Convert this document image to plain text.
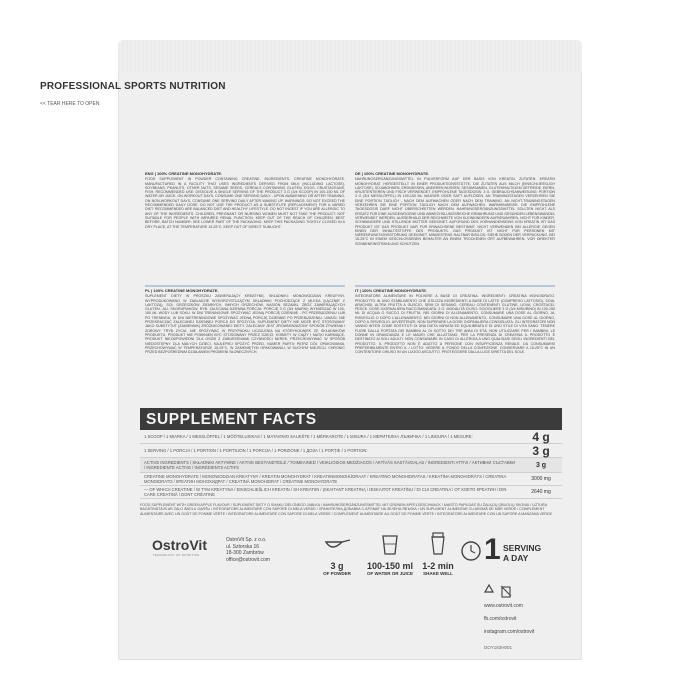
PROFESSIONAL SPORTS NUTRITION
<< TEAR HERE TO OPEN
ENG | 100% CREATINE MONOHYDRATE.
FOOD SUPPLEMENT IN POWDER CONTAINING CREATINE. INGREDIENTS: CREATINE MONOHYDRATE. MANUFACTURED IN A FACILITY THAT USES INGREDIENTS DERIVED FROM MILK (INCLUDING LACTOSE), SOYBEANS, PEANUTS, OTHER NUTS, SESAME SEEDS, CEREALS CONTAINING GLUTEN, EGGS, CRUSTACEANS, FISH. RECOMMENDED USE: DISSOLVE A SINGLE SERVING OF THE PRODUCT 3 G (3/4 SCOOP) IN 100-150 ML OF WATER OR JUICE. ON WORKOUT DAYS, CONSUME ONE SERVING DAILY - UPON AWAKENING OR AFTER TRAINING. ON NON-WORKOUT DAYS, CONSUME ONE SERVING DAILY AFTER WAKING UP. WARNINGS: DO NOT EXCEED THE RECOMMENDED DAILY DOSE. DO NOT USE THE PRODUCT AS A SUBSTITUTE (REPLACEMENT) FOR A VARIED DIET. RECOMMENDED ARE BALANCED DIET AND HEALTHY LIFESTYLE. DO NOT INGEST IF YOU ARE ALLERGIC TO ANY OF THE INGREDIENTS. CHILDREN, PREGNANT OR NURSING WOMEN MUST NOT TAKE THE PRODUCT. NOT SUITABLE FOR PEOPLE WITH IMPAIRED RENAL FUNCTION. KEEP OUT OF THE REACH OF CHILDREN. BEST BEFORE, BATCH NUMBER: SEE LOWER PART OF THE PACKAGING. KEEP THIS PACKAGING TIGHTLY CLOSED IN A DRY PLACE, AT THE TEMPERATURE 15-25°C. KEEP OUT OF DIRECT SUNLIGHT.
DE | 100% CREATINE MONOHYDRATE.
NAHRUNGSERGÄNZUNGSMITTEL IN PULVERFORM AUF DER BASIS VON KREATIN. ZUTATEN: KREATIN MONOHYDRAT. HERGESTELLT IN EINER PRODUKTIONSSTÄTTE, DIE ZUTATEN AUS MILCH (EINSCHLIESSLICH LAKTOSE), SOJABOHNEN, ERDNÜSSEN, ANDEREN NÜSSEN, SESAMSAMEN, GLUTENHALTIGEM GETREIDE, EIERN, KRUSTENTIEREN UND FISCH VERWENDET. EMPFOHLENE TAGESDOSIS: 3 G. GEBRAUCHSANWEISUNG: PORTION 3 G (3/4 MESSLÖFFEL) IN 100-150 ML WASSER ODER SAFT AUFLÖSEN. AN TRAININGSTAGEN VERZEHREN SIE EINE PORTION TÄGLICH - NACH DEM AUFWACHEN ODER NACH DEM TRAINING. AN NICHT-TRAININGSTAGEN VERZEHREN SIE EINE PORTION TÄGLICH NACH DEM AUFWACHEN. WARNHINWEISE: DIE EMPFOHLENE TAGESDOSIS DARF NICHT ÜBERSCHRITTEN WERDEN. NAHRUNGSERGÄNZUNGSMITTEL SOLLTEN NICHT ALS ERSATZ FÜR EINE AUSGEWOGENE UND ABWECHSLUNGSREICHE ERNÄHRUNG UND GESUNDEN LEBENSWANDEL VERWENDET WERDEN. AUSSERHALB DER REICHWEITE VON KLEINKINDERN AUFBEWAHREN. NICHT FÜR KINDER, SCHWANGERE UND STILLENDE MÜTTER GEEIGNET. AUFGRUND DES VORHANDENSEINS VON KREATIN IST DAS PRODUKT IST DAS PRODUKT NUR FÜR ERWACHSENE BESTIMMT. NICHT VERWENDEN BEI ALLERGIE GEGEN EINEN DER INHALTSSTOFFE DES PRODUKTS. DAS PRODUKT IST NICHT FÜR PERSONEN MIT NIERENFUNKTIONSSTÖRUNG GEEIGNET. MINDESTENS HALTBAR BIS/LOS: SIEHE BODEN DER VERPACKUNG. BEI 15-25°C IN EINEM GESCHLOSSENEN BEHÄLTER AN EINEM TROCKENEN ORT AUFBEWAHREN. VOR DIREKTER SONNENEINSTRAHLUNG SCHÜTZEN.
PL | 100% CREATINE MONOHYDRATE.
SUPLEMENT DIETY W PROSZKU ZAWIERAJĄCY KREATYNĘ. SKŁADNIKI: MONOWODZIAN KREATYNY. WYPRODUKOWANO W ZAKŁADZIE WYKORZYSTUJĄCYM SKŁADNIKI POCHODZĄCE Z MLEKA (ŁĄCZNIE Z LAKTOZĄ), SOI, ORZESZKÓW ZIEMNYCH, INNYCH ORZECHÓW, NASION SEZAMU, ZBÓŻ ZAWIERAJĄCYCH GLUTEN, JAJ, SKORUPIAKÓW, RYB. ZALECANA DZIENNA PORCJA: PORCJĘ 3 G (3/4 MIARKI) WYMIESZAĆ W 100-150 ML WODY LUB SOKU. W DNI TRENINGOWE SPOŻYWAĆ JEDNĄ PORCJĘ DZIENNIE - PO PRZEBUDZENIU LUB PO TRENINGU. W DNI NIETRENINGOWE SPOŻYWAĆ JEDNĄ PORCJĘ DZIENNIE PO PRZEBUDZENIU. UWAGI: NIE PRZEKRACZAĆ ZALECANEJ DZIENNEJ PORCJI DO SPOŻYCIA. SUPLEMENT DIETY NIE MOŻE BYĆ STOSOWANY JAKO SUBSTYTUT (ZAMIENNIK) ZRÓŻNICOWANEJ DIETY. ZALECANY JEST ZRÓWNOWAŻONY SPOSÓB ŻYWIENIA I ZDROWY TRYB ŻYCIA. NIE SPOŻYWAĆ W PRZYPADKU UCZULENIA NA KTÓRYKOLWIEK ZE SKŁADNIKÓW PRODUKTU. PRODUKT NIE POWINIEN BYĆ STOSOWANY PRZEZ DZIECI, KOBIETY W CIĄŻY I MATKI KARMIĄCE. PRODUKT NIEODPOWIEDNI DLA OSÓB Z ZABURZENIAMI CZYNNOŚCI NEREK. PRZECHOWYWAĆ W SPOSÓB NIEDOSTĘPNY DLA MAŁYCH DZIECI. NAJLEPIEJ SPOŻYĆ PRZED, NUMER PARTII: PATRZ DÓŁ OPAKOWANIA. PRZECHOWYWAĆ W TEMPERATURZE 15-25°C, W ZAMKNIĘTYM OPAKOWANIU, W SUCHYM MIEJSCU. CHRONIĆ PRZED BEZPOŚREDNIM DZIAŁANIEM PROMIENI SŁONECZNYCH.
IT | 100% CREATINE MONOHYDRATE.
INTEGRATORE ALIMENTARE IN POLVERE A BASE DI CREATINA. INGREDIENTI: CREATINA MONOIDRATO. PRODOTTO IN UNO STABILIMENTO CHE UTILIZZA INGREDIENTI A BASE DI LATTE (COMPRESO LATTOSIO), SOIA, ARACHIDI, ALTRA FRUTTA A GUSCIO, SEMI DI SESAMO, CEREALI CONTENENTI GLUTINE, UOVA, CROSTACEI, PESCE. DOSE GIORNALIERA RACCOMANDATA: 3 G. MODALITÀ D'USO: SCIOGLIERE 3 G (3/4 MISURINO) IN 100-150 ML DI ACQUA O SUCCO DI FRUTTA. NEI GIORNI DI ALLENAMENTO, CONSUMARE UNA DOSE AL GIORNO, AL RISVEGLIO O DOPO L'ALLENAMENTO. NEI GIORNI DI NON ALLENAMENTO, CONSUMARE UNA DOSE AL GIORNO, DOPO IL RISVEGLIO. AVVERTENZE: NON SUPERARE LA DOSE GIORNALIERA CONSIGLIATA. GLI INTEGRATORI NON VANNO INTESI COME SOSTITUTI DI UNA DIETA VARIATA ED EQUILIBRATA E DI UNO STILE DI VITA SANO. TENERE FUORI DALLA PORTATA DEI BAMBINI AL DI SOTTO DEI TRE ANNI DI ETÀ. NON UTILIZZARE PER I BAMBINI, LE DONNE IN GRAVIDANZA E LE MADRI CHE ALLATTANO. PER LA PRESENZA DI CREATINA IL PRODOTTO È DESTINATO AI SOLI ADULTI. NON CONSUMARE IN CASO DI ALLERGIA A UNO QUALSIASI DEGLI INGREDIENTI DEL PRODOTTO. IL PRODOTTO NON È ADATTO A PERSONE CON INSUFFICIENZA RENALE. DA CONSUMARSI PREFERIBILMENTE ENTRO IL / LOTTO: VEDERE IL FONDO DELLA CONFEZIONE. CONSERVARE A 15-25°C IN UN CONTENITORE CHIUSO IN UN LUOGO ASCIUTTO. PROTEGGERE DALLA LUCE DIRETTA DEL SOLE.
SUPPLEMENT FACTS
1 SCOOP / 1 MIARKA / 1 MESSLÖFFEL / 1 MÕÕTELUSIKAS / 1 MATAVINIO SAUKŠTE / 1 MĒRKAROTE / 1 MISURA / 1 МЕРИТЕЛНА ЛЪЖИЧКА / 1 LINGURA / 1 MESURE:	4 g
1 SERVING / 1 PORCJA / 1 PORTION / 1 PORTSJON / 1 PORCIJA / 1 PORZIONE / 1 ДОЗА / 1 PORȚIE / 1 PORTION:	3 g
ACTIVE INGREDIENTS / SKŁADNIKI AKTYWNE / AKTIVE BESTANDTEILE / TOIMEAINED / VEIKLIOSIOS MEDŽIAGOS / AKTĪVĀS SASTĀVDAĻAS / INGREDIENTI ATTIVI / АКТИВНИ СЪСТАВКИ / INGREDIENTE ACTIVE / INGRÉDIENTS ACTIFS	3 g
CREATINE MONOHYDRATE / MONOWODZIAN KREATYNY / KREATIN MONOHYDRAT / KREATIINMONOHÜDRAAT / KREATINO MONOHIDRATAS / KREATĪNA MONOHIDRĀTS / CREATINA MONOIDRATO / КРЕАТИН МОНОХИДРАТ / CREATINĂ MONOHIDRAT / CRÉATINE MONOHYDRATE	3000 mg
— OF WHICH CREATINE / W TYM KREATYNA / EINSCHLIEßLICH KREATIN / SH KREATIIN / ĮSKAITANT KREATINĄ / IESKAITOT KREATĪNU / DI CUI CREATINA / ОТ КОЕТО КРЕАТИН / DIN CARE CREATINĂ / DONT CRÉATINE	2640 mg
FOOD SUPPLEMENT WITH GREEN APPLE FLAVOUR / SUPLEMENT DIETY O SMAKU ZIELONEGO JABŁKA / NAHRUNGSERGÄNZUNGSMITTEL MIT GRÜNEM APFELGESCHMACK / MAISTO PAPILDAS SU ŽALIŲJŲ OBUOLIŲ SKONIU / UZTURA BAGĀTINĀTĀJS AR ZAĻO ĀBOLU GARŠU / INTEGRATORE ALIMENTARE CON SAPORE DI MELA VERDE / ХРАНИТЕЛНА ДОБАВКА С АРОМАТ НА ЗЕЛЕНА ЯБЪЛКА / UN SUPLIMENT ALIMENTAR CU AROMĂ DE MĂR VERDE / COMPLÉMENT ALIMENTAIRE AVEC UN GOÛT DE POMME VERTE / INTEGRATORE ALIMENTARE CON SAPORE DI MELA VERDE / COMPLÉMENT ALIMENTAIRE AU GOÛT DE POMME VERTE / INTEGRATORE ALIMENTARE CON UN SAPORE A MANZANA VERDE
OstroVit
TECHNOLOGY OF NUTRITION
OstroVit Sp. z o.o.
ul. Sztorska 16
18-300 Zambrów
office@ostrovit.com
3 g
OF POWDER
100-150 ml
OF WATER OR JUICE
1-2 min
SHAKE WELL
1 SERVING
A DAY
www.ostrovit.com
fb.com/ostrovit
instagram.com/ostrovit
DOY183H001
